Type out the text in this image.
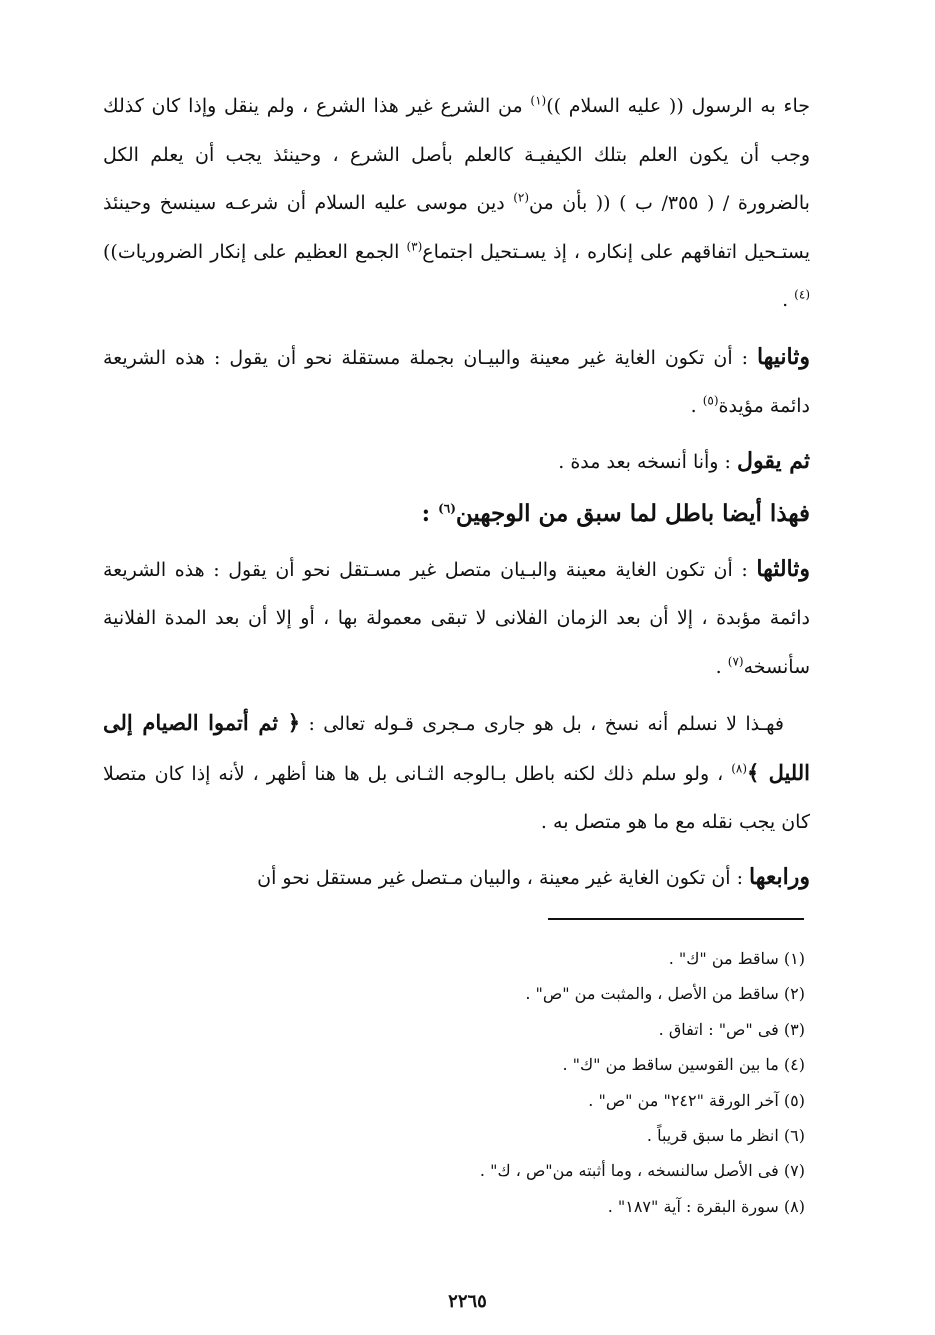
جاء به الرسول (( عليه السلام ))$^{(١)}$ من الشرع غير هذا الشرع ، ولم ينقل وإذا كان كذلك وجب أن يكون العلم بتلك الكيفيـة كالعلم بأصل الشرع ، وحينئذ يجب أن يعلم الكل بالضرورة / ( ٣٥٥/ ب ) (( بأن من$^{(٢)}$ دين موسى عليه السلام أن شرعـه سينسخ وحينئذ يستـحيل اتفاقهم على إنكاره ، إذ يسـتحيل اجتماع$^{(٣)}$ الجمع العظيم على إنكار الضروريات))$^{(٤)}$ .

وثانيها : أن تكون الغاية غير معينة والبيـان بجملة مستقلة نحو أن يقول : هذه الشريعة دائمة مؤيدة$^{(٥)}$ .

ثم يقول : وأنا أنسخه بعد مدة .

فهذا أيضا باطل لما سبق من الوجهين$^{(٦)}$ :

وثالثها : أن تكون الغاية معينة والبـيان متصل غير مسـتقل نحو أن يقول : هذه الشريعة دائمة مؤبدة ، إلا أن بعد الزمان الفلانى لا تبقى معمولة بها ، أو إلا أن بعد المدة الفلانية سأنسخه$^{(٧)}$ .

فهـذا لا نسلم أنه نسخ ، بل هو جارى مـجرى قـوله تعالى : ﴿ ثم أتموا الصيام إلى الليل ﴾$^{(٨)}$ ، ولو سلم ذلك لكنه باطل بـالوجه الثـانى بل ها هنا أظهر ، لأنه إذا كان متصلا كان يجب نقله مع ما هو متصل به .

ورابعها : أن تكون الغاية غير معينة ، والبيان مـتصل غير مستقل نحو أن

(١) ساقط من "ك" .

(٢) ساقط من الأصل ، والمثبت من "ص" .

(٣) فى "ص" : اتفاق .

(٤) ما بين القوسين ساقط من "ك" .

(٥) آخر الورقة "٢٤٢" من "ص" .

(٦) انظر ما سبق قريباً .

(٧) فى الأصل سالنسخه ، وما أثبته من"ص ، ك" .

(٨) سورة البقرة : آية "١٨٧" .

٢٢٦٥
